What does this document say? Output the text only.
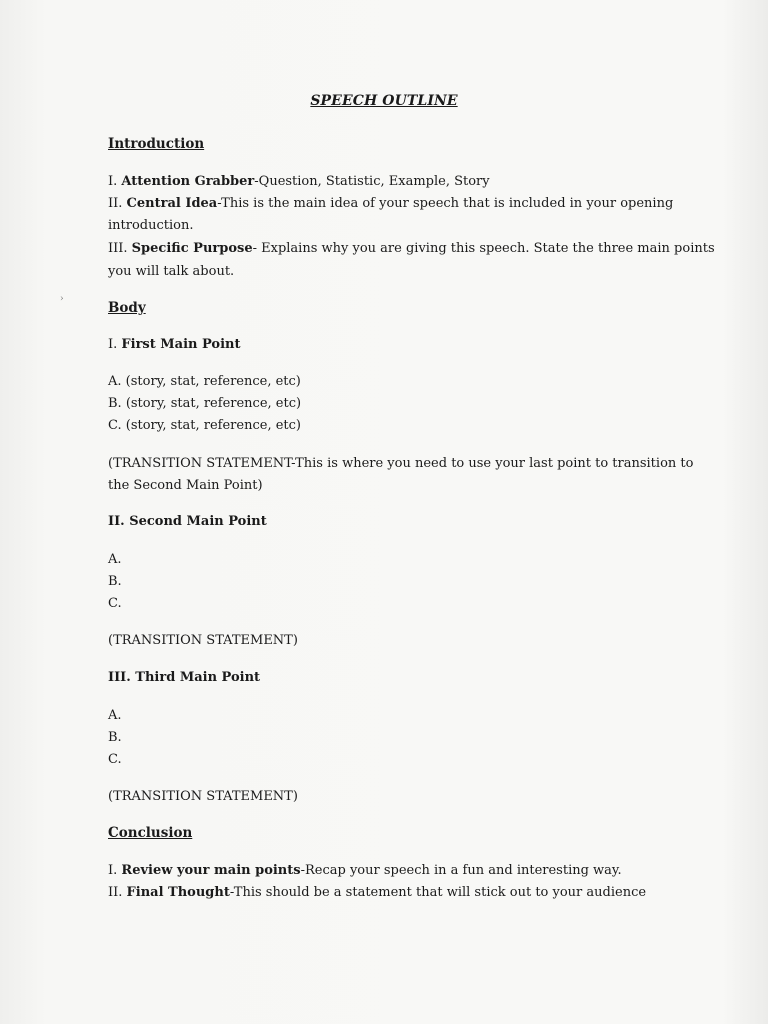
SPEECH OUTLINE
Introduction
I. Attention Grabber-Question, Statistic, Example, Story
II. Central Idea-This is the main idea of your speech that is included in your opening
introduction.
III. Specific Purpose- Explains why you are giving this speech. State the three main points
you will talk about.
›
Body
I. First Main Point
A. (story, stat, reference, etc)
B. (story, stat, reference, etc)
C. (story, stat, reference, etc)
(TRANSITION STATEMENT-This is where you need to use your last point to transition to
the Second Main Point)
II. Second Main Point
A.
B.
C.
(TRANSITION STATEMENT)
III. Third Main Point
A.
B.
C.
(TRANSITION STATEMENT)
Conclusion
I. Review your main points-Recap your speech in a fun and interesting way.
II. Final Thought-This should be a statement that will stick out to your audience
